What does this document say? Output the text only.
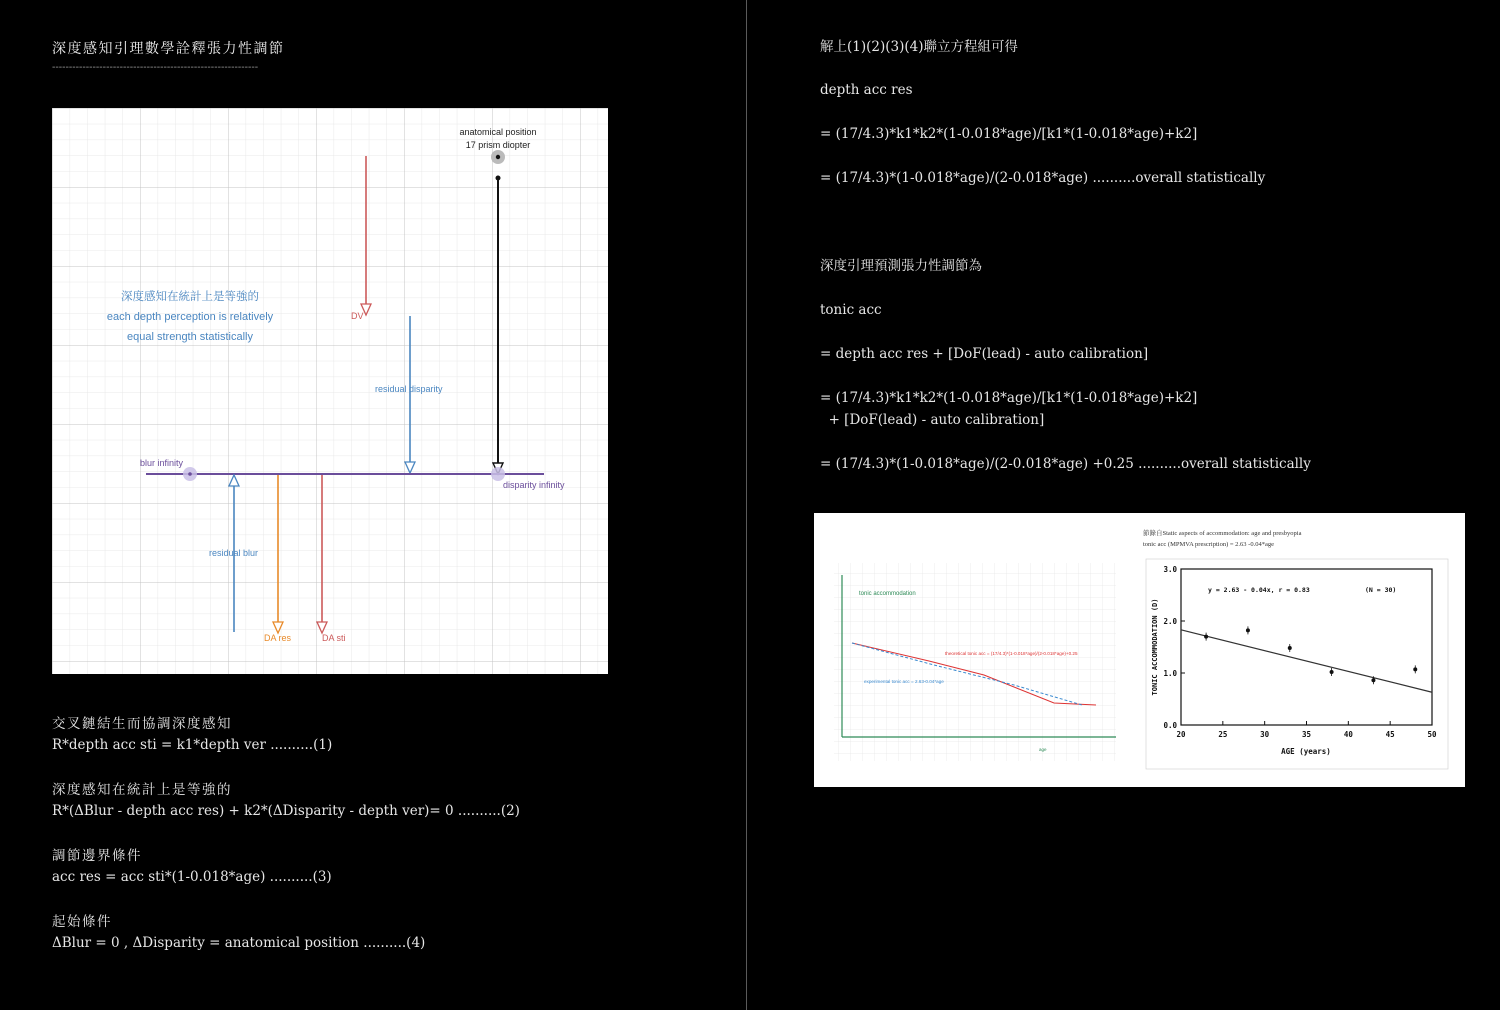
深度感知引理數學詮釋張力性調節
-------------------------------------------------------------
anatomical position
17 prism diopter
DV
residual disparity
深度感知在統計上是等強的
each depth perception is relatively
equal strength statistically
blur infinity
disparity infinity
residual blur
DA res	DA sti
交叉鏈結生而協調深度感知
R*depth acc sti = k1*depth ver ..........(1)
深度感知在統計上是等強的
R*(ΔBlur - depth acc res) + k2*(ΔDisparity - depth ver)= 0 ..........(2)
調節邊界條件
acc res = acc sti*(1-0.018*age) ..........(3)
起始條件
ΔBlur = 0 , ΔDisparity = anatomical position ..........(4)
解上(1)(2)(3)(4)聯立方程組可得
depth acc res
= (17/4.3)*k1*k2*(1-0.018*age)/[k1*(1-0.018*age)+k2]
= (17/4.3)*(1-0.018*age)/(2-0.018*age) ..........overall statistically
深度引理預測張力性調節為
tonic acc
= depth acc res + [DoF(lead) - auto calibration]
= (17/4.3)*k1*k2*(1-0.018*age)/[k1*(1-0.018*age)+k2]
+ [DoF(lead) - auto calibration]
= (17/4.3)*(1-0.018*age)/(2-0.018*age) +0.25 ..........overall statistically
tonic accommodation
theoretical tonic acc = (17/4.3)*(1-0.018*age)/(2-0.018*age)+0.25
experimental tonic acc = 2.63-0.04*age
age
節錄自Static aspects of accommodation: age and presbyopia
tonic acc (MPMVA prescription) = 2.63 -0.04*age
0.0
1.0
2.0
3.0
20	25	30	35	40	45	50
y = 2.63 - 0.04x, r = 0.83	(N = 30)
AGE (years)
TONIC ACCOMMODATION (D)
